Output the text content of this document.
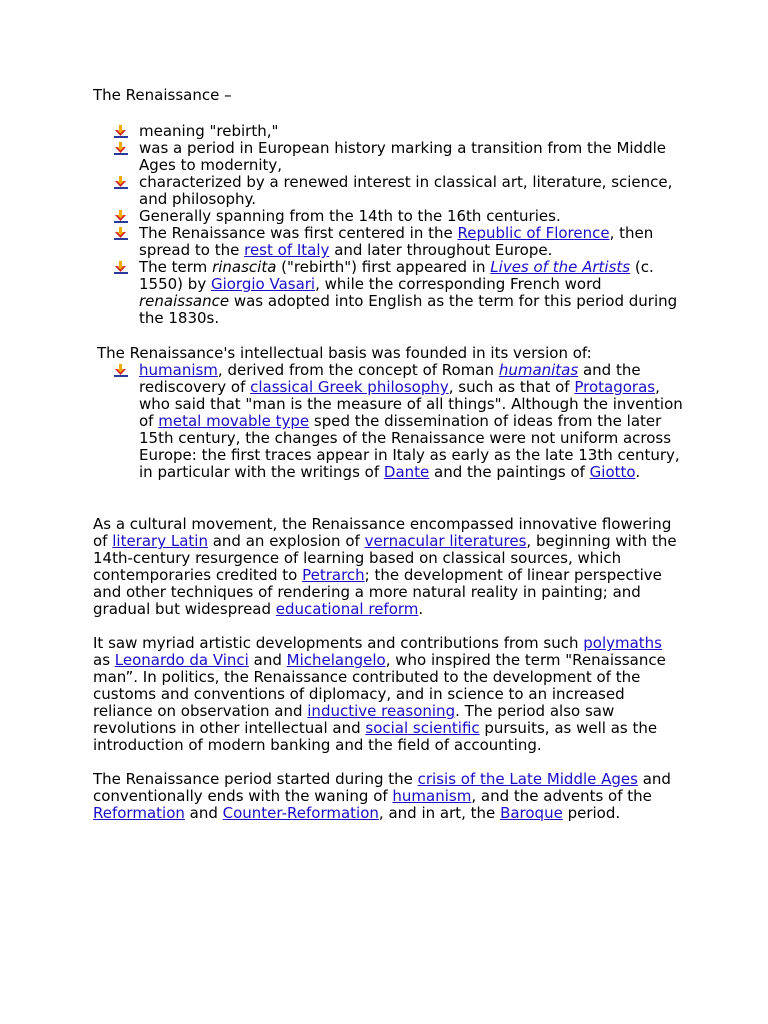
The Renaissance –

meaning "rebirth,"
was a period in European history marking a transition from the Middle Ages to modernity,
characterized by a renewed interest in classical art, literature, science, and philosophy.
Generally spanning from the 14th to the 16th centuries.
The Renaissance was first centered in the Republic of Florence, then spread to the rest of Italy and later throughout Europe.
The term rinascita ("rebirth") first appeared in Lives of the Artists (c. 1550) by Giorgio Vasari, while the corresponding French word renaissance was adopted into English as the term for this period during the 1830s.

The Renaissance's intellectual basis was founded in its version of:

humanism, derived from the concept of Roman humanitas and the rediscovery of classical Greek philosophy, such as that of Protagoras, who said that "man is the measure of all things". Although the invention of metal movable type sped the dissemination of ideas from the later 15th century, the changes of the Renaissance were not uniform across Europe: the first traces appear in Italy as early as the late 13th century, in particular with the writings of Dante and the paintings of Giotto.

As a cultural movement, the Renaissance encompassed innovative flowering of literary Latin and an explosion of vernacular literatures, beginning with the 14th-century resurgence of learning based on classical sources, which contemporaries credited to Petrarch; the development of linear perspective and other techniques of rendering a more natural reality in painting; and gradual but widespread educational reform.

It saw myriad artistic developments and contributions from such polymaths as Leonardo da Vinci and Michelangelo, who inspired the term "Renaissance man”. In politics, the Renaissance contributed to the development of the customs and conventions of diplomacy, and in science to an increased reliance on observation and inductive reasoning. The period also saw revolutions in other intellectual and social scientific pursuits, as well as the introduction of modern banking and the field of accounting.

The Renaissance period started during the crisis of the Late Middle Ages and conventionally ends with the waning of humanism, and the advents of the Reformation and Counter-Reformation, and in art, the Baroque period.
